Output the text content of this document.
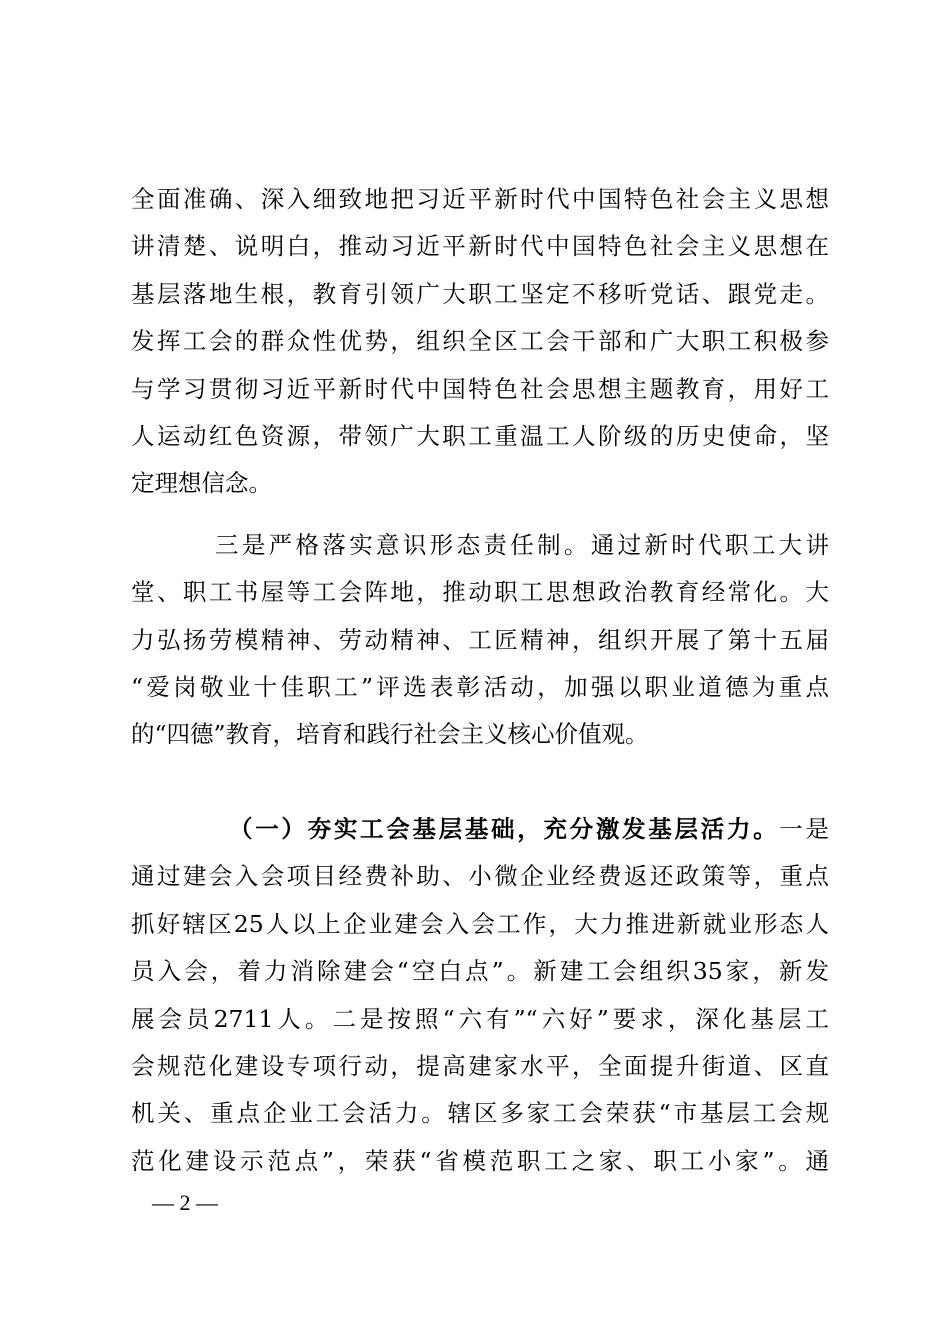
全面准确、深入细致地把习近平新时代中国特色社会主义思想
讲清楚、说明白，推动习近平新时代中国特色社会主义思想在
基层落地生根，教育引领广大职工坚定不移听党话、跟党走。
发挥工会的群众性优势，组织全区工会干部和广大职工积极参
与学习贯彻习近平新时代中国特色社会思想主题教育，用好工
人运动红色资源，带领广大职工重温工人阶级的历史使命，坚
定理想信念。
三是严格落实意识形态责任制。通过新时代职工大讲
堂、职工书屋等工会阵地，推动职工思想政治教育经常化。大
力弘扬劳模精神、劳动精神、工匠精神，组织开展了第十五届
“爱岗敬业十佳职工”评选表彰活动，加强以职业道德为重点
的“四德”教育，培育和践行社会主义核心价值观。
（一）夯实工会基层基础，充分激发基层活力。一是
通过建会入会项目经费补助、小微企业经费返还政策等，重点
抓好辖区25人以上企业建会入会工作，大力推进新就业形态人
员入会，着力消除建会“空白点”。新建工会组织35家，新发
展会员2711人。二是按照“六有”“六好”要求，深化基层工
会规范化建设专项行动，提高建家水平，全面提升街道、区直
机关、重点企业工会活力。辖区多家工会荣获“市基层工会规
范化建设示范点”，荣获“省模范职工之家、职工小家”。通
— 2 —
